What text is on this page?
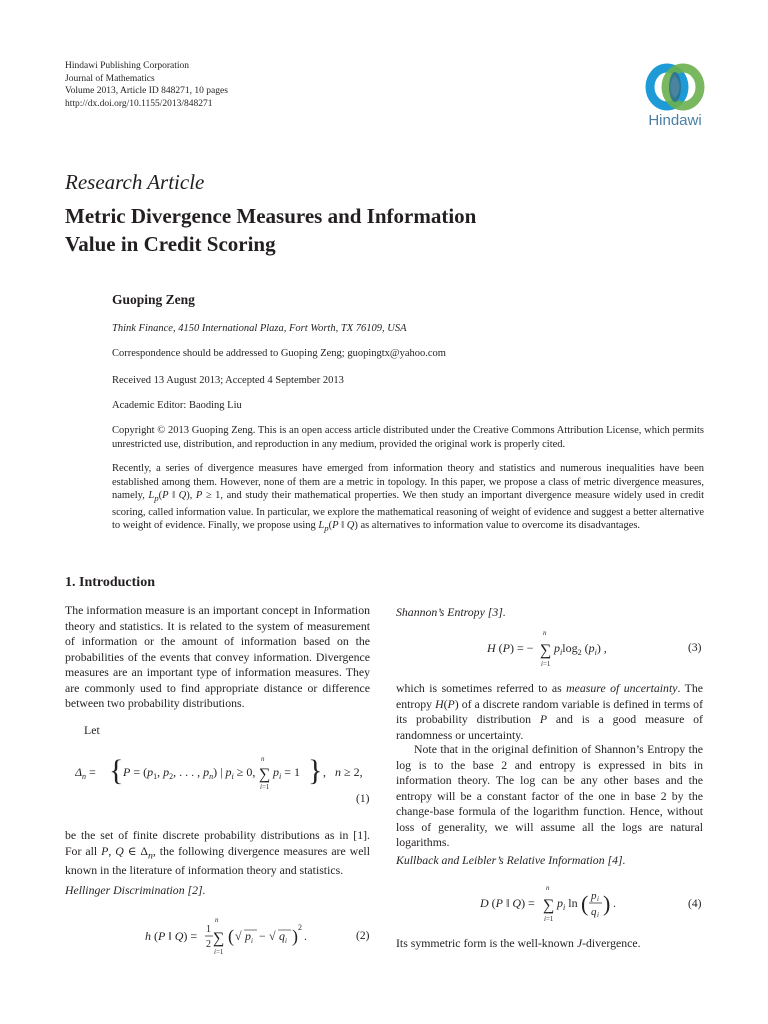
Hindawi Publishing Corporation
Journal of Mathematics
Volume 2013, Article ID 848271, 10 pages
http://dx.doi.org/10.1155/2013/848271
Hindawi
Research Article
Metric Divergence Measures and Information
Value in Credit Scoring
Guoping Zeng
Think Finance, 4150 International Plaza, Fort Worth, TX 76109, USA
Correspondence should be addressed to Guoping Zeng; guopingtx@yahoo.com
Received 13 August 2013; Accepted 4 September 2013
Academic Editor: Baoding Liu
Copyright © 2013 Guoping Zeng. This is an open access article distributed under the Creative Commons Attribution License, which permits unrestricted use, distribution, and reproduction in any medium, provided the original work is properly cited.
Recently, a series of divergence measures have emerged from information theory and statistics and numerous inequalities have been established among them. However, none of them are a metric in topology. In this paper, we propose a class of metric divergence measures, namely, $L_p(P$ ‖ Q), P ≥ 1, and study their mathematical properties. We then study an important divergence measure widely used in credit scoring, called information value. In particular, we explore the mathematical reasoning of weight of evidence and suggest a better alternative to weight of evidence. Finally, we propose using $L_p(P$ ‖ Q) as alternatives to information value to overcome its disadvantages.
1. Introduction
The information measure is an important concept in Information theory and statistics. It is related to the system of measurement of information or the amount of information based on the probabilities of the events that convey information. Divergence measures are an important type of information measures. They are commonly used to find appropriate distance or difference between two probability distributions.
Let
$\Delta_n$ = { $P = (p_1$, $p_2$, . . . , $p_n$) | $p_i \ge 0$,
n
∑
i=1
$p_i = 1$ } , n ≥ 2,
(1)
be the set of finite discrete probability distributions as in [1]. For all P, Q ∈ $\Delta_n$, the following divergence measures are well known in the literature of information theory and statistics.
Hellinger Discrimination [2].
h (P ‖ Q) = 1
2
n
∑
i=1
( √ p i − √ q i ) 2
.	(2)
Shannon’s Entropy [3].
H (P) = −
n
∑
i=1
$p_i\log_2$ $(p_i)$ ,	(3)
which is sometimes referred to as measure of uncertainty. The entropy H(P) of a discrete random variable is defined in terms of its probability distribution P and is a good measure of randomness or uncertainty.
Note that in the original definition of Shannon’s Entropy the log is to the base 2 and entropy is expressed in bits in information theory. The log can be any other bases and the entropy will be a constant factor of the one in base 2 by the change-base formula of the logarithm function. Hence, without loss of generality, we will assume all the logs are natural logarithms.
Kullback and Leibler’s Relative Information [4].
D (P ‖ Q) =
n
∑
i=1
$p_i$ ln ( p i
q i ) .	(4)
Its symmetric form is the well-known J-divergence.
